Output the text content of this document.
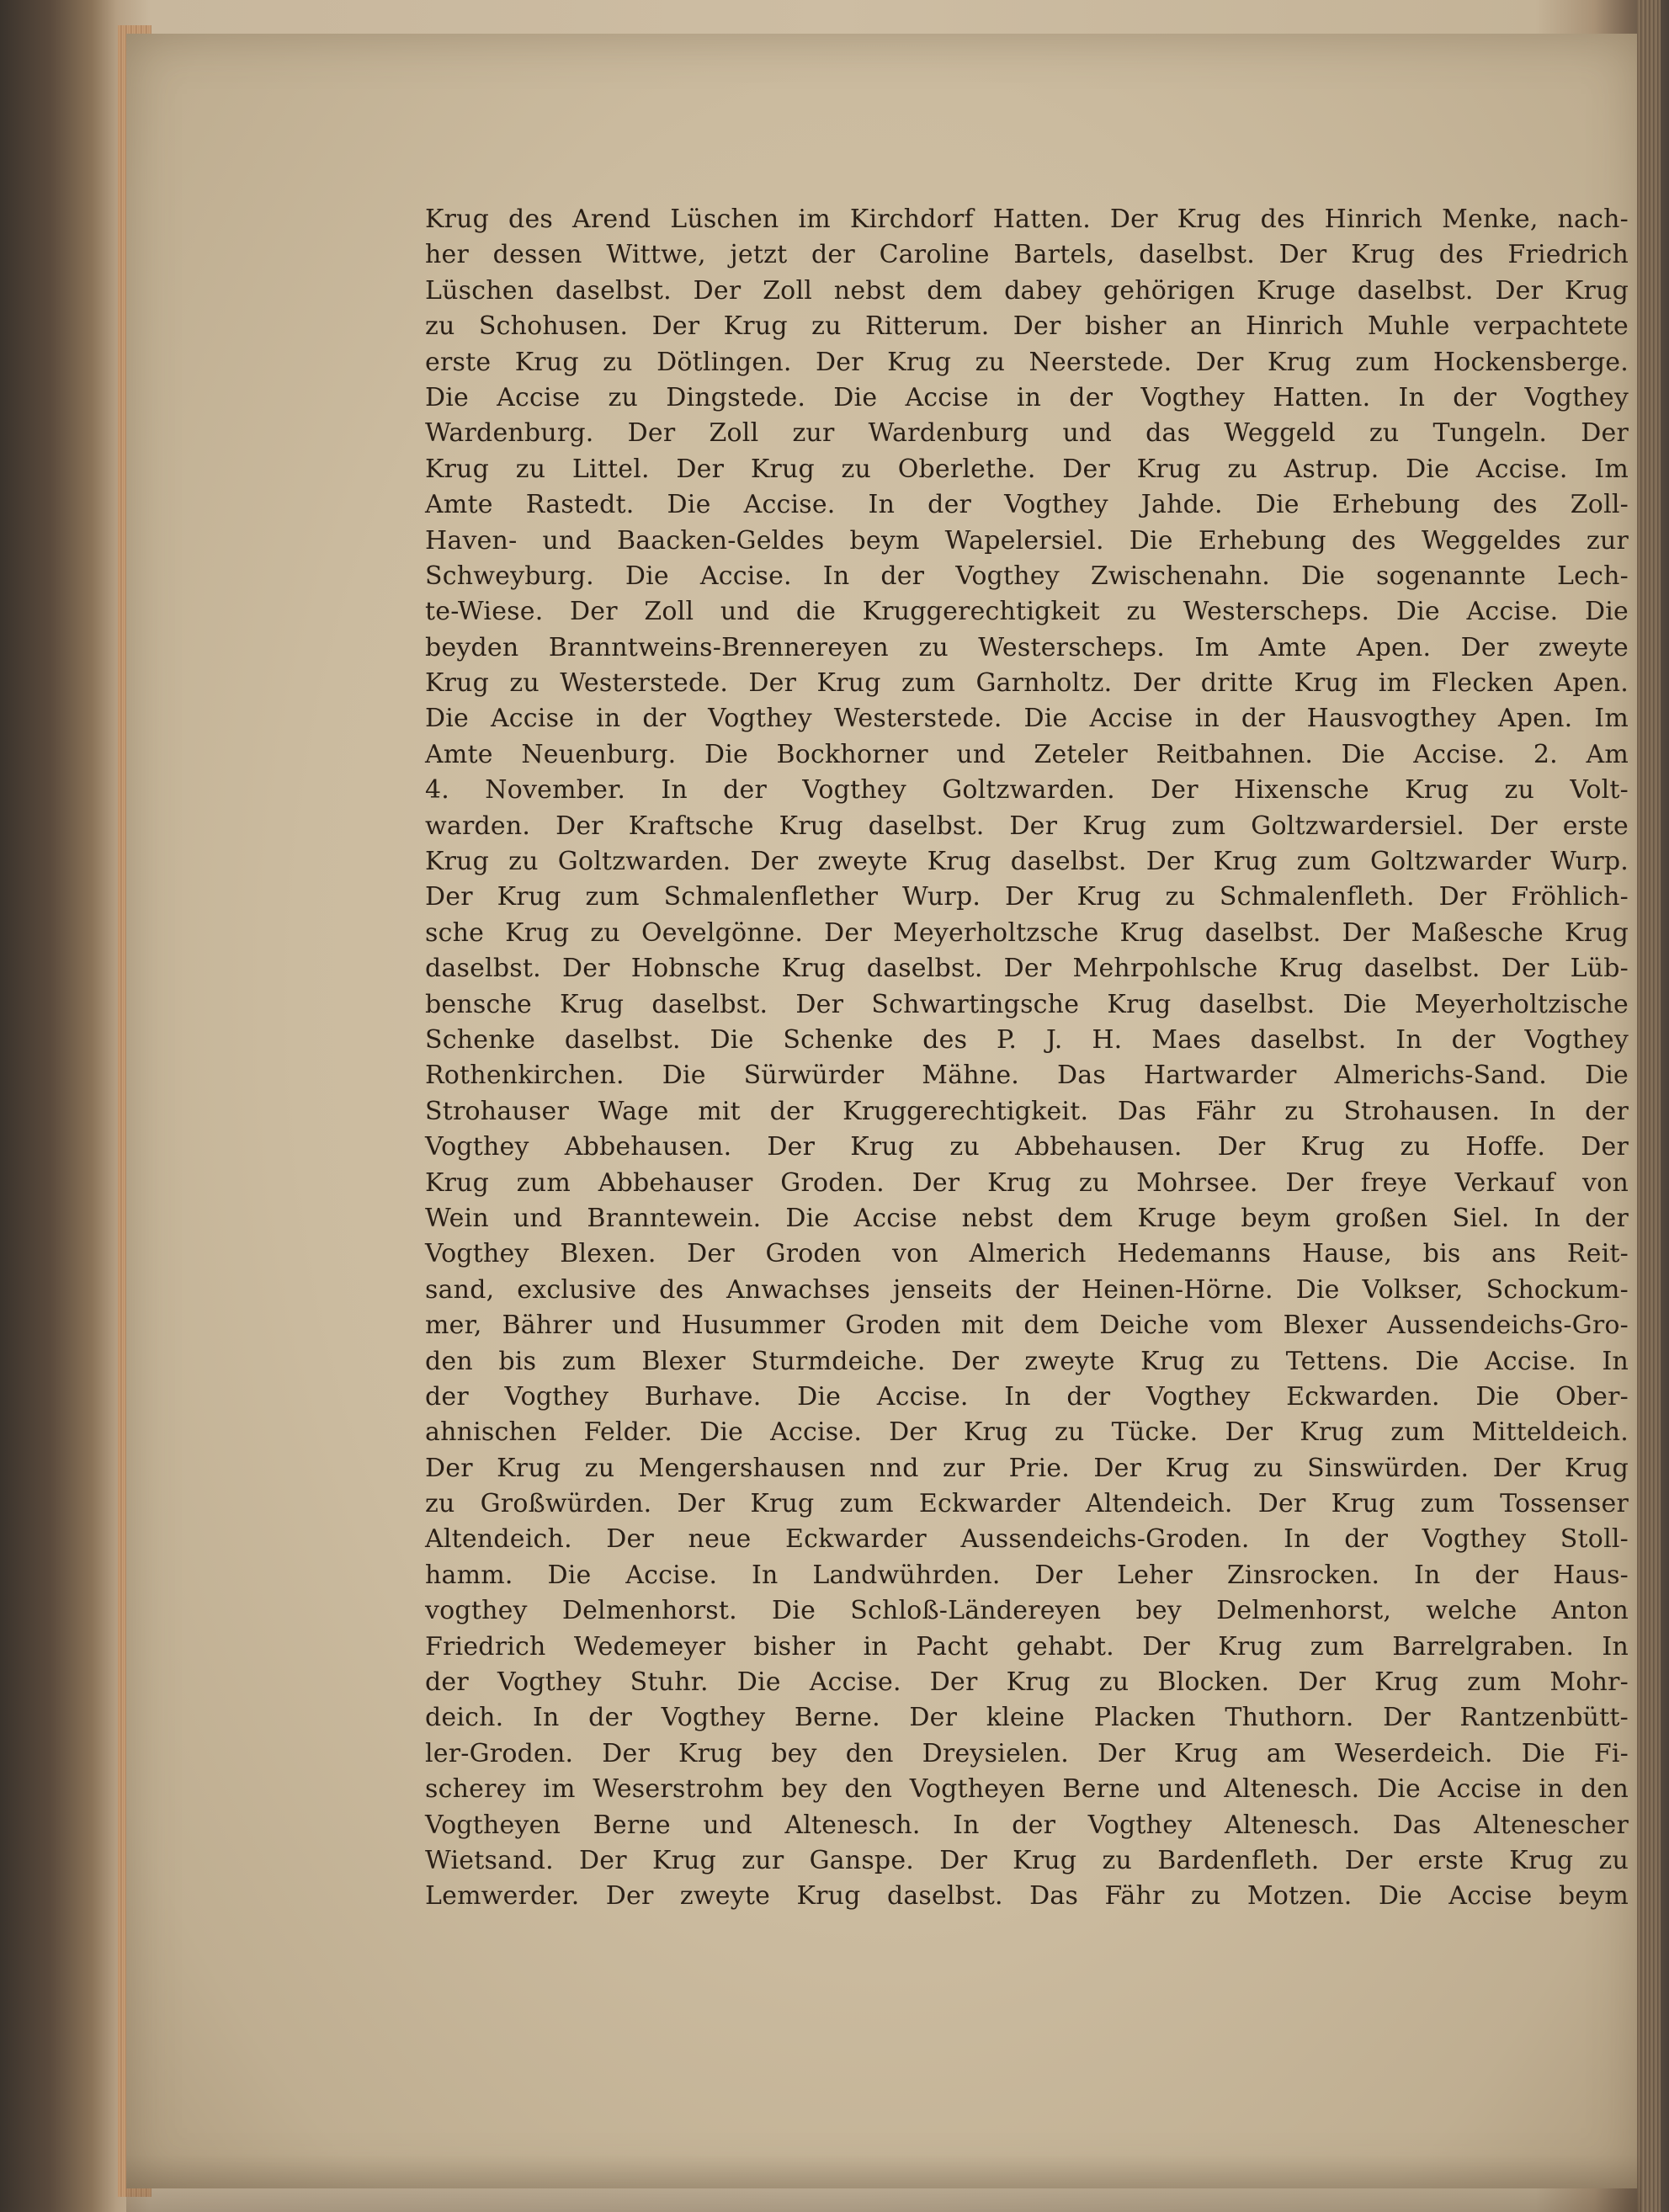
Krug des Arend Lüschen im Kirchdorf Hatten. Der Krug des Hinrich Menke, nach-
her dessen Wittwe, jetzt der Caroline Bartels, daselbst. Der Krug des Friedrich
Lüschen daselbst. Der Zoll nebst dem dabey gehörigen Kruge daselbst. Der Krug
zu Schohusen. Der Krug zu Ritterum. Der bisher an Hinrich Muhle verpachtete
erste Krug zu Dötlingen. Der Krug zu Neerstede. Der Krug zum Hockensberge.
Die Accise zu Dingstede. Die Accise in der Vogthey Hatten. In der Vogthey
Wardenburg. Der Zoll zur Wardenburg und das Weggeld zu Tungeln. Der
Krug zu Littel. Der Krug zu Oberlethe. Der Krug zu Astrup. Die Accise. Im
Amte Rastedt. Die Accise. In der Vogthey Jahde. Die Erhebung des Zoll-
Haven- und Baacken-Geldes beym Wapelersiel. Die Erhebung des Weggeldes zur
Schweyburg. Die Accise. In der Vogthey Zwischenahn. Die sogenannte Lech-
te-Wiese. Der Zoll und die Kruggerechtigkeit zu Westerscheps. Die Accise. Die
beyden Branntweins-Brennereyen zu Westerscheps. Im Amte Apen. Der zweyte
Krug zu Westerstede. Der Krug zum Garnholtz. Der dritte Krug im Flecken Apen.
Die Accise in der Vogthey Westerstede. Die Accise in der Hausvogthey Apen. Im
Amte Neuenburg. Die Bockhorner und Zeteler Reitbahnen. Die Accise. 2. Am
4. November. In der Vogthey Goltzwarden. Der Hixensche Krug zu Volt-
warden. Der Kraftsche Krug daselbst. Der Krug zum Goltzwardersiel. Der erste
Krug zu Goltzwarden. Der zweyte Krug daselbst. Der Krug zum Goltzwarder Wurp.
Der Krug zum Schmalenflether Wurp. Der Krug zu Schmalenfleth. Der Fröhlich-
sche Krug zu Oevelgönne. Der Meyerholtzsche Krug daselbst. Der Maßesche Krug
daselbst. Der Hobnsche Krug daselbst. Der Mehrpohlsche Krug daselbst. Der Lüb-
bensche Krug daselbst. Der Schwartingsche Krug daselbst. Die Meyerholtzische
Schenke daselbst. Die Schenke des P. J. H. Maes daselbst. In der Vogthey
Rothenkirchen. Die Sürwürder Mähne. Das Hartwarder Almerichs-Sand. Die
Strohauser Wage mit der Kruggerechtigkeit. Das Fähr zu Strohausen. In der
Vogthey Abbehausen. Der Krug zu Abbehausen. Der Krug zu Hoffe. Der
Krug zum Abbehauser Groden. Der Krug zu Mohrsee. Der freye Verkauf von
Wein und Branntewein. Die Accise nebst dem Kruge beym großen Siel. In der
Vogthey Blexen. Der Groden von Almerich Hedemanns Hause, bis ans Reit-
sand, exclusive des Anwachses jenseits der Heinen-Hörne. Die Volkser, Schockum-
mer, Bährer und Husummer Groden mit dem Deiche vom Blexer Aussendeichs-Gro-
den bis zum Blexer Sturmdeiche. Der zweyte Krug zu Tettens. Die Accise. In
der Vogthey Burhave. Die Accise. In der Vogthey Eckwarden. Die Ober-
ahnischen Felder. Die Accise. Der Krug zu Tücke. Der Krug zum Mitteldeich.
Der Krug zu Mengershausen nnd zur Prie. Der Krug zu Sinswürden. Der Krug
zu Großwürden. Der Krug zum Eckwarder Altendeich. Der Krug zum Tossenser
Altendeich. Der neue Eckwarder Aussendeichs-Groden. In der Vogthey Stoll-
hamm. Die Accise. In Landwührden. Der Leher Zinsrocken. In der Haus-
vogthey Delmenhorst. Die Schloß-Ländereyen bey Delmenhorst, welche Anton
Friedrich Wedemeyer bisher in Pacht gehabt. Der Krug zum Barrelgraben. In
der Vogthey Stuhr. Die Accise. Der Krug zu Blocken. Der Krug zum Mohr-
deich. In der Vogthey Berne. Der kleine Placken Thuthorn. Der Rantzenbütt-
ler-Groden. Der Krug bey den Dreysielen. Der Krug am Weserdeich. Die Fi-
scherey im Weserstrohm bey den Vogtheyen Berne und Altenesch. Die Accise in den
Vogtheyen Berne und Altenesch. In der Vogthey Altenesch. Das Altenescher
Wietsand. Der Krug zur Ganspe. Der Krug zu Bardenfleth. Der erste Krug zu
Lemwerder. Der zweyte Krug daselbst. Das Fähr zu Motzen. Die Accise beym
